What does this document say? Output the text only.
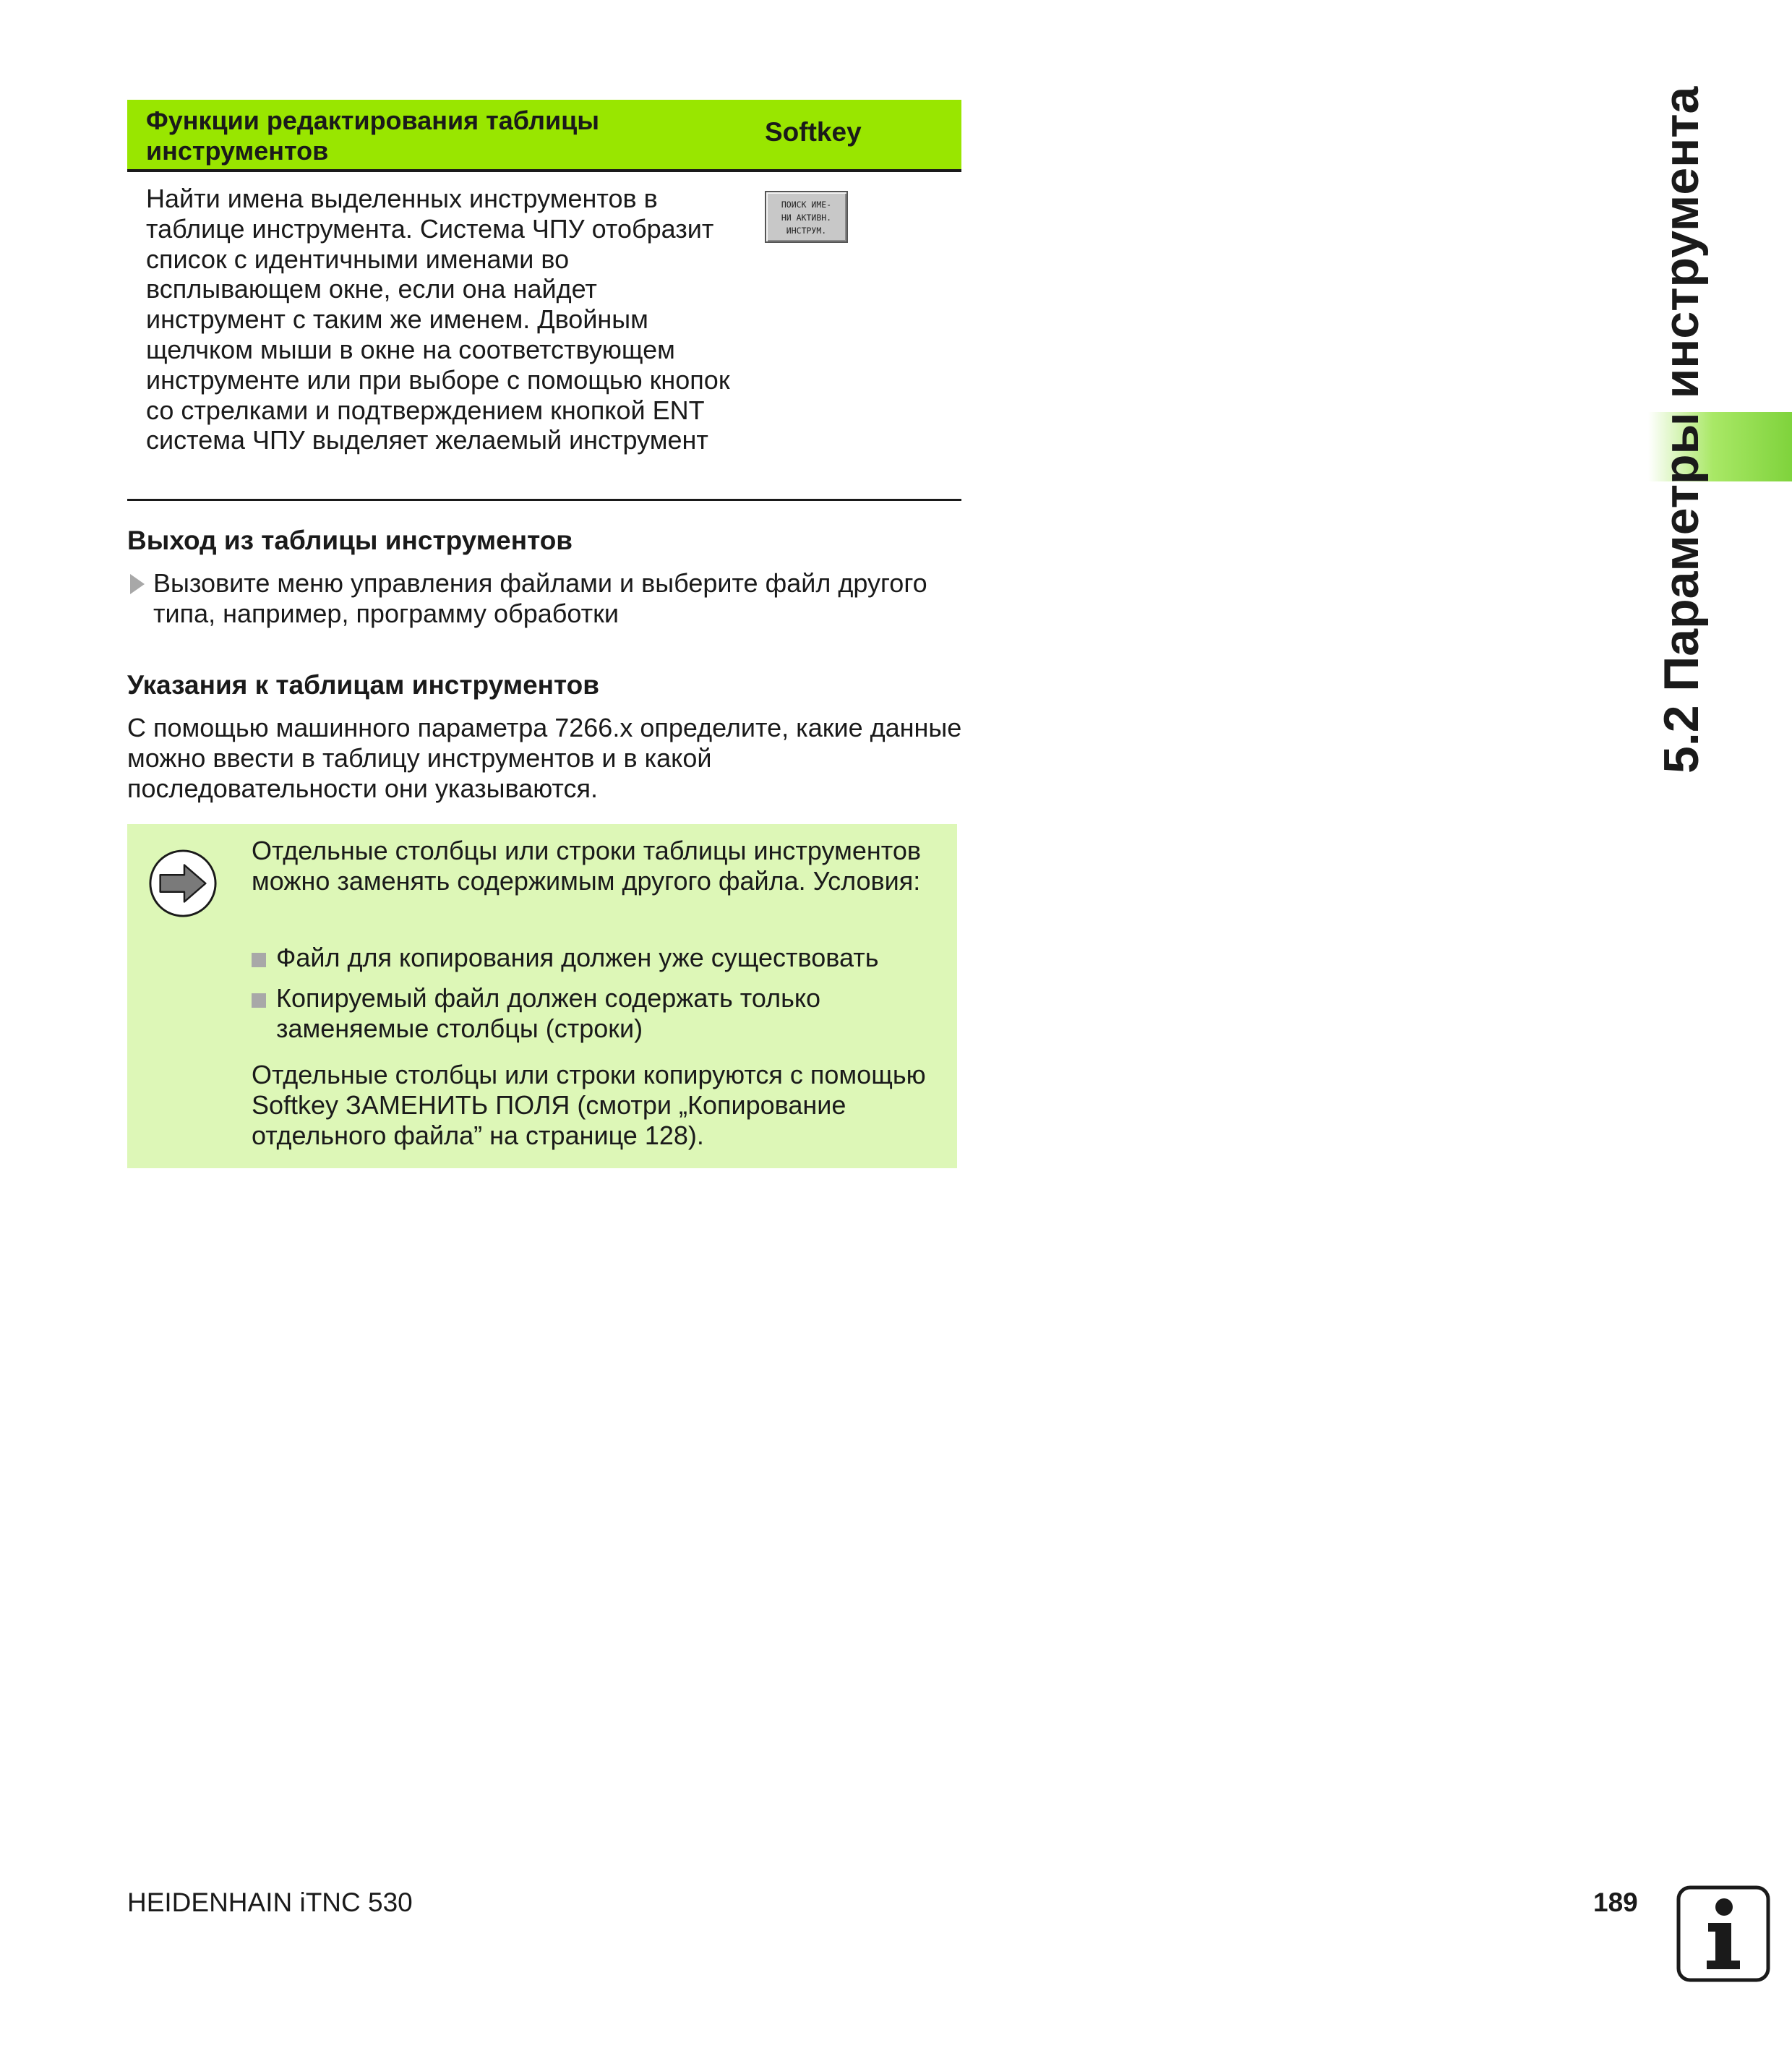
5.2 Параметры инструмента
Функции редактирования таблицы инструментов
Softkey
Найти имена выделенных инструментов в таблице инструмента. Система ЧПУ отобразит список с идентичными именами во всплывающем окне, если она найдет инструмент с таким же именем. Двойным щелчком мыши в окне на соответствующем инструменте или при выборе с помощью кнопок со стрелками и подтверждением кнопкой ENT система ЧПУ выделяет желаемый инструмент
ПОИСК ИМЕ-
НИ АКТИВН.
ИНСТРУМ.
Выход из таблицы инструментов
Вызовите меню управления файлами и выберите файл другого типа, например, программу обработки
Указания к таблицам инструментов
С помощью машинного параметра 7266.x определите, какие данные можно ввести в таблицу инструментов и в какой последовательности они указываются.
Отдельные столбцы или строки таблицы инструментов можно заменять содержимым другого файла. Условия:
Файл для копирования должен уже существовать
Копируемый файл должен содержать только заменяемые столбцы (строки)
Отдельные столбцы или строки копируются с помощью Softkey ЗАМЕНИТЬ ПОЛЯ (смотри „Копирование отдельного файла” на странице 128).
HEIDENHAIN iTNC 530	189
